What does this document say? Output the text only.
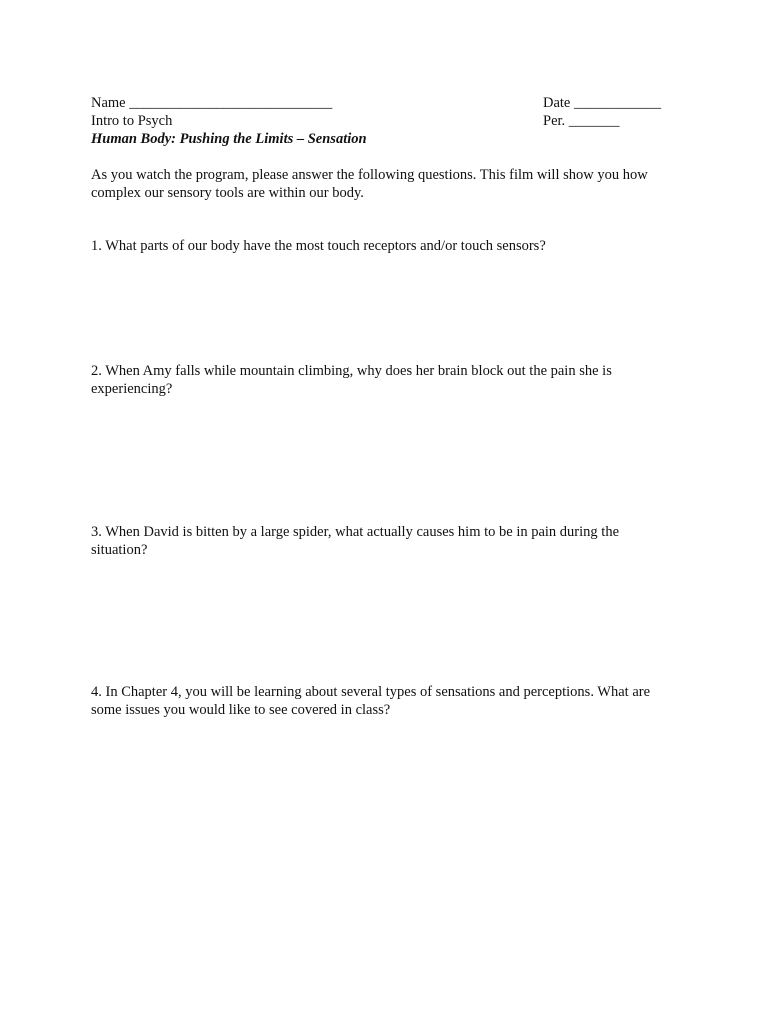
Name ____________________________	Date ____________
Intro to Psych	Per. _______
Human Body: Pushing the Limits – Sensation
As you watch the program, please answer the following questions. This film will show you how
complex our sensory tools are within our body.
1. What parts of our body have the most touch receptors and/or touch sensors?
2. When Amy falls while mountain climbing, why does her brain block out the pain she is
experiencing?
3. When David is bitten by a large spider, what actually causes him to be in pain during the
situation?
4. In Chapter 4, you will be learning about several types of sensations and perceptions. What are
some issues you would like to see covered in class?
